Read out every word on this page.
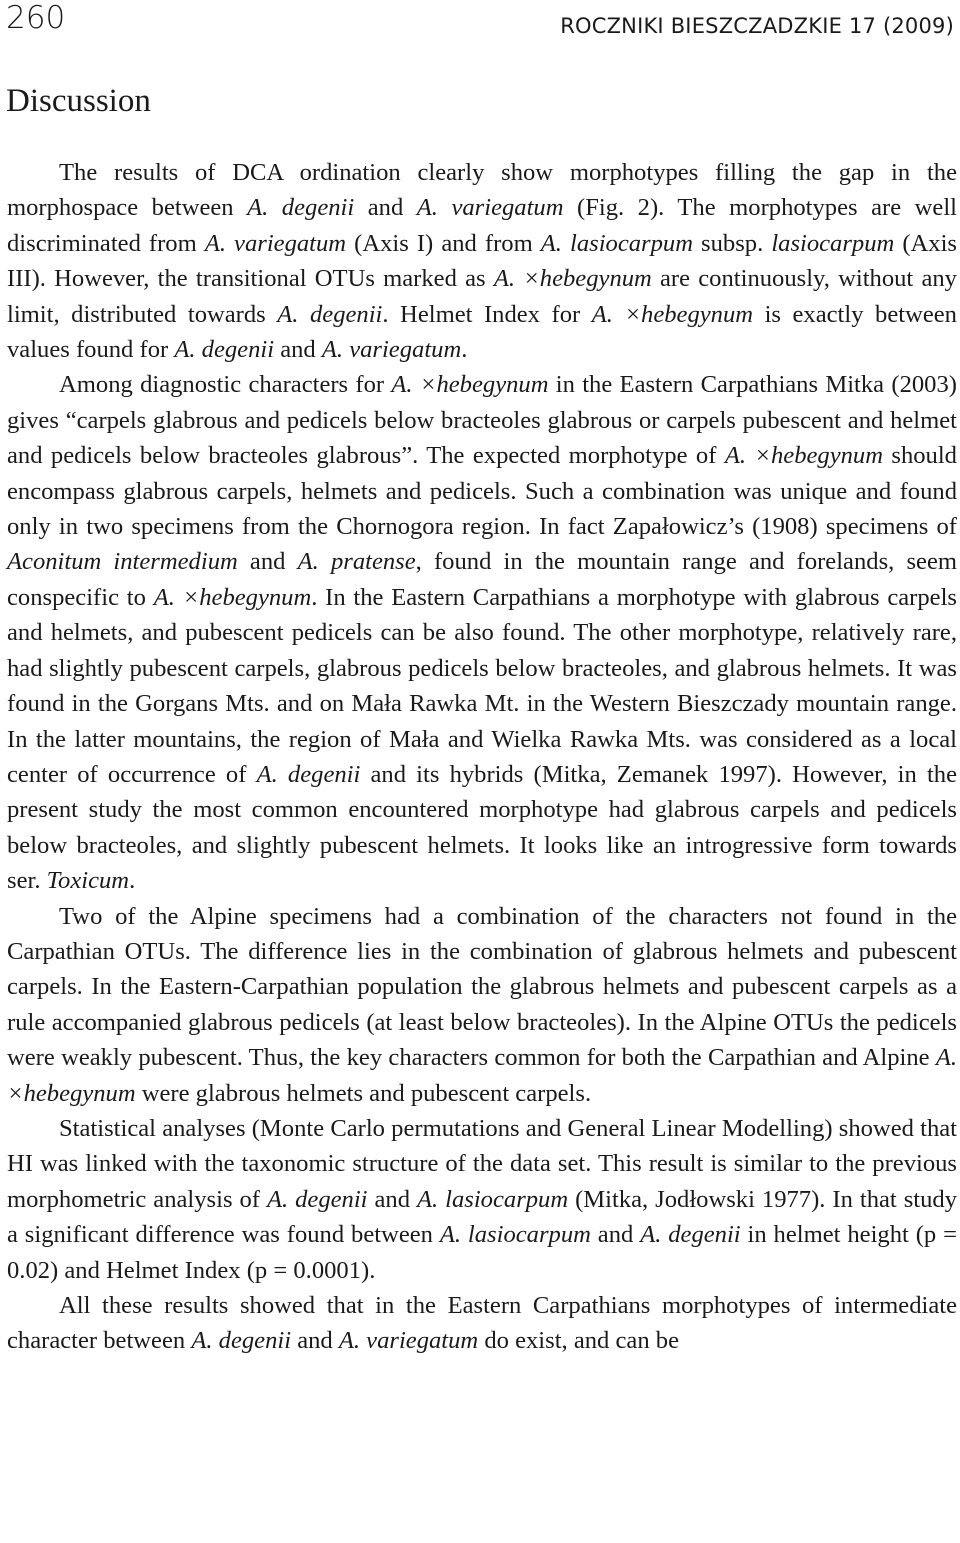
260	ROCZNIKI BIESZCZADZKIE 17 (2009)
Discussion

The results of DCA ordination clearly show morphotypes filling the gap in the morphospace between A. degenii and A. variegatum (Fig. 2). The morphotypes are well discriminated from A. variegatum (Axis I) and from A. lasiocarpum subsp. lasiocarpum (Axis III). However, the transitional OTUs marked as A. ×hebegynum are continuously, without any limit, distributed towards A. degenii. Helmet Index for A. ×hebegynum is exactly between values found for A. degenii and A. variegatum.

Among diagnostic characters for A. ×hebegynum in the Eastern Carpathians Mitka (2003) gives “carpels glabrous and pedicels below bracteoles glabrous or carpels pubescent and helmet and pedicels below bracteoles glabrous”. The expected morphotype of A. ×hebegynum should encompass glabrous carpels, helmets and pedicels. Such a combination was unique and found only in two specimens from the Chornogora region. In fact Zapałowicz’s (1908) specimens of Aconitum intermedium and A. pratense, found in the mountain range and forelands, seem conspecific to A. ×hebegynum. In the Eastern Carpathians a morphotype with glabrous carpels and helmets, and pubescent pedicels can be also found. The other morphotype, relatively rare, had slightly pubescent carpels, glabrous pedicels below bracteoles, and glabrous helmets. It was found in the Gorgans Mts. and on Mała Rawka Mt. in the Western Bieszczady mountain range. In the latter mountains, the region of Mała and Wielka Rawka Mts. was considered as a local center of occurrence of A. degenii and its hybrids (Mitka, Zemanek 1997). However, in the present study the most common encountered morphotype had glabrous carpels and pedicels below bracteoles, and slightly pubescent helmets. It looks like an introgressive form towards ser. Toxicum.

Two of the Alpine specimens had a combination of the characters not found in the Carpathian OTUs. The difference lies in the combination of glabrous helmets and pubescent carpels. In the Eastern-Carpathian population the glabrous helmets and pubescent carpels as a rule accompanied glabrous pedicels (at least below bracteoles). In the Alpine OTUs the pedicels were weakly pubescent. Thus, the key characters common for both the Carpathian and Alpine A. ×hebegynum were glabrous helmets and pubescent carpels.

Statistical analyses (Monte Carlo permutations and General Linear Modelling) showed that HI was linked with the taxonomic structure of the data set. This result is similar to the previous morphometric analysis of A. degenii and A. lasiocarpum (Mitka, Jodłowski 1977). In that study a significant difference was found between A. lasiocarpum and A. degenii in helmet height (p = 0.02) and Helmet Index (p = 0.0001).

All these results showed that in the Eastern Carpathians morphotypes of intermediate character between A. degenii and A. variegatum do exist, and can be
